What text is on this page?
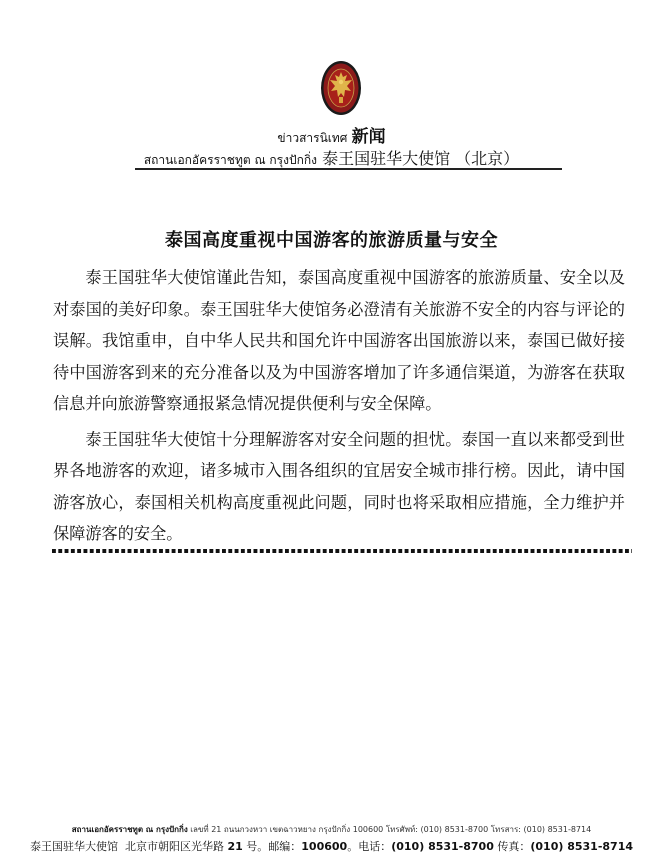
ข่าวสารนิเทศ 新闻
สถานเอกอัครราชทูต ณ กรุงปักกิ่ง 泰王国驻华大使馆 （北京）
泰国高度重视中国游客的旅游质量与安全

泰王国驻华大使馆谨此告知，泰国高度重视中国游客的旅游质量、安全以及对泰国的美好印象。泰王国驻华大使馆务必澄清有关旅游不安全的内容与评论的误解。我馆重申，自中华人民共和国允许中国游客出国旅游以来，泰国已做好接待中国游客到来的充分准备以及为中国游客增加了许多通信渠道，为游客在获取信息并向旅游警察通报紧急情况提供便利与安全保障。

泰王国驻华大使馆十分理解游客对安全问题的担忧。泰国一直以来都受到世界各地游客的欢迎，诸多城市入围各组织的宜居安全城市排行榜。因此，请中国游客放心，泰国相关机构高度重视此问题，同时也将采取相应措施，全力维护并保障游客的安全。

สถานเอกอัครราชทูต ณ กรุงปักกิ่ง เลขที่ 21 ถนนกวงหวา เขตฉาวหยาง กรุงปักกิ่ง 100600 โทรศัพท์: (010) 8531-8700 โทรสาร: (010) 8531-8714
泰王国驻华大使馆 北京市朝阳区光华路 21 号。邮编：100600。电话：(010) 8531-8700 传真：(010) 8531-8714
